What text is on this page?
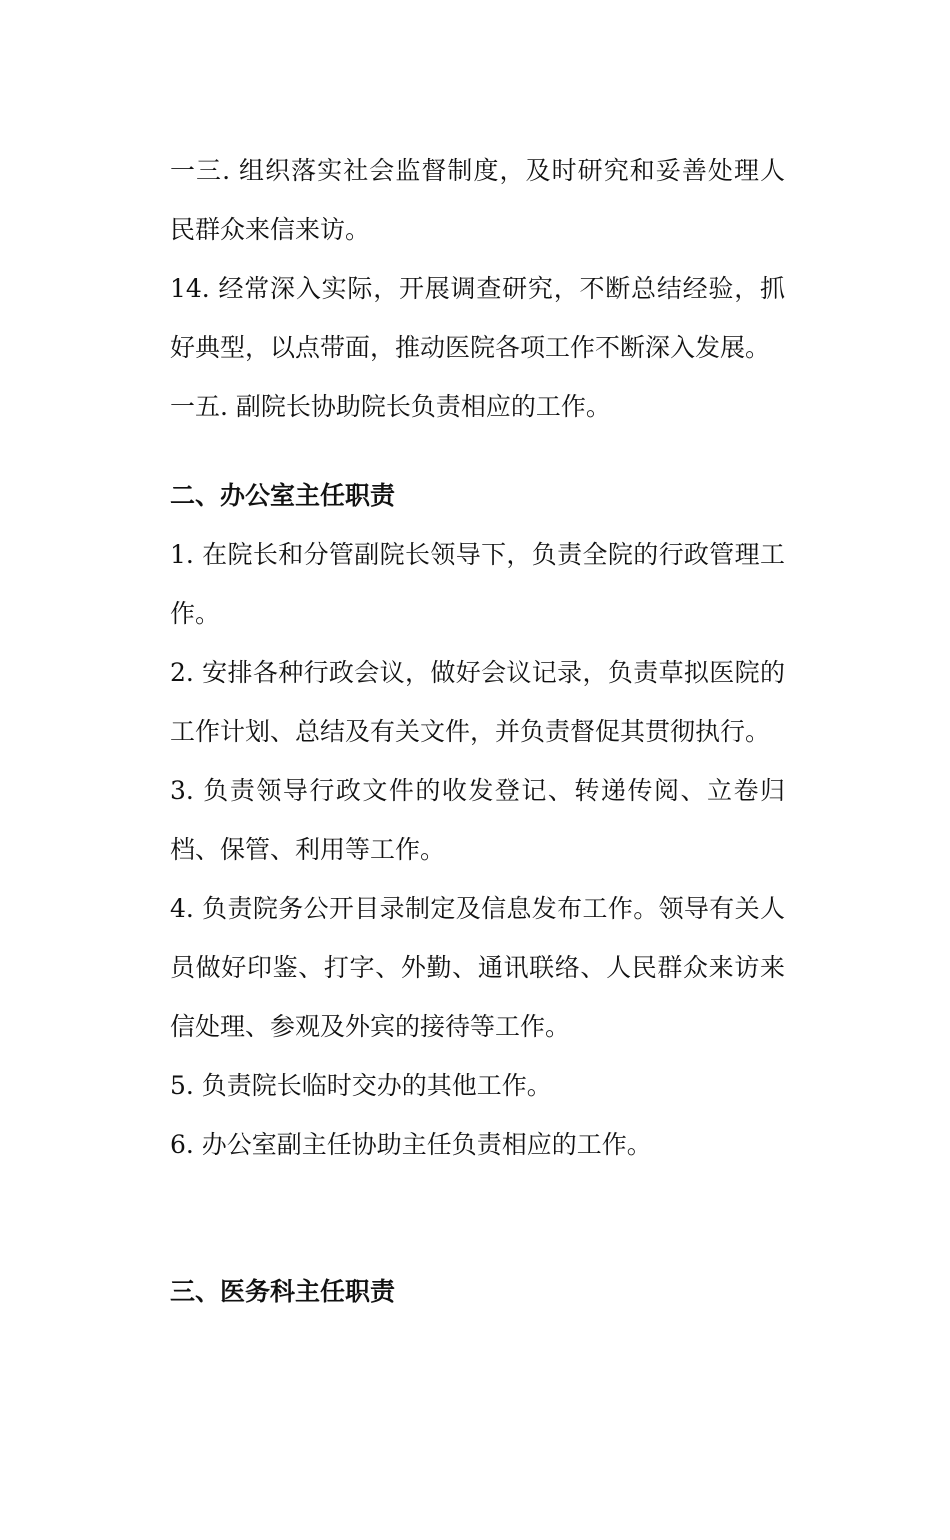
一三. 组织落实社会监督制度，及时研究和妥善处理人民群众来信来访。

14. 经常深入实际，开展调查研究，不断总结经验，抓好典型，以点带面，推动医院各项工作不断深入发展。

一五. 副院长协助院长负责相应的工作。

二、办公室主任职责

1. 在院长和分管副院长领导下，负责全院的行政管理工作。

2. 安排各种行政会议，做好会议记录，负责草拟医院的工作计划、总结及有关文件，并负责督促其贯彻执行。

3. 负责领导行政文件的收发登记、转递传阅、立卷归档、保管、利用等工作。

4. 负责院务公开目录制定及信息发布工作。领导有关人员做好印鉴、打字、外勤、通讯联络、人民群众来访来信处理、参观及外宾的接待等工作。

5. 负责院长临时交办的其他工作。

6. 办公室副主任协助主任负责相应的工作。

三、医务科主任职责
